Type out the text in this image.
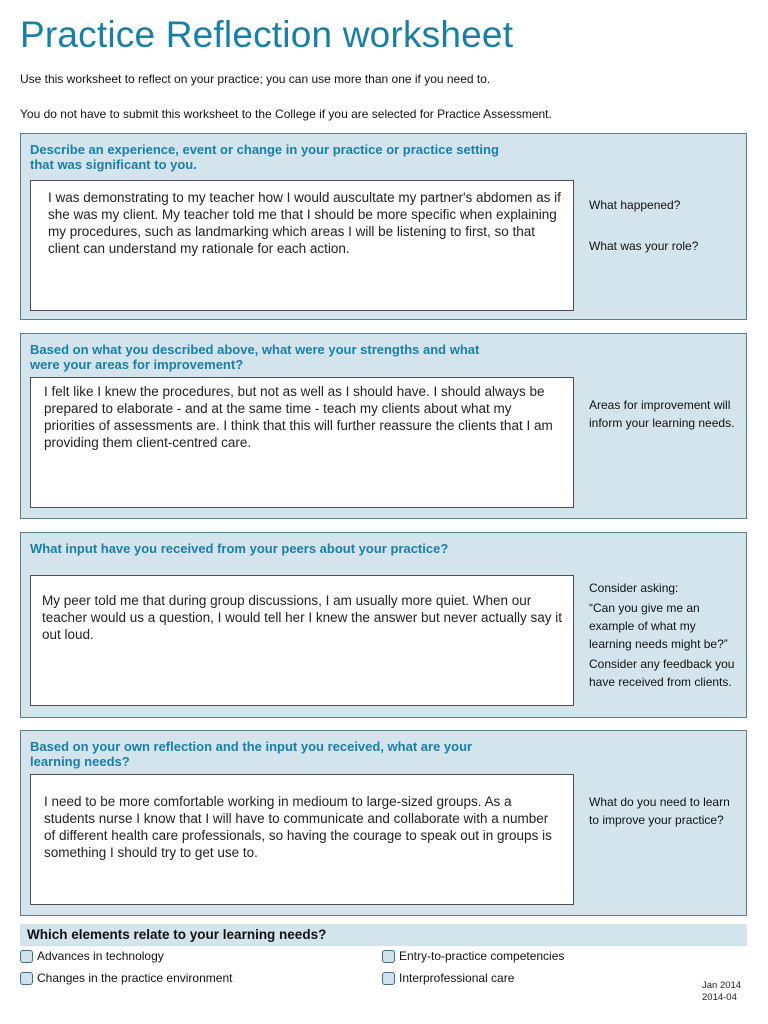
Practice Reflection worksheet

Use this worksheet to reflect on your practice; you can use more than one if you need to.

You do not have to submit this worksheet to the College if you are selected for Practice Assessment.

Describe an experience, event or change in your practice or practice setting that was significant to you.
I was demonstrating to my teacher how I would auscultate my partner's abdomen as if she was my client. My teacher told me that I should be more specific when explaining my procedures, such as landmarking which areas I will be listening to first, so that client can understand my rationale for each action.

What happened?

What was your role?

Based on what you described above, what were your strengths and what were your areas for improvement?
I felt like I knew the procedures, but not as well as I should have. I should always be prepared to elaborate - and at the same time - teach my clients about what my priorities of assessments are. I think that this will further reassure the clients that I am providing them client-centred care.

Areas for improvement will inform your learning needs.

What input have you received from your peers about your practice?
My peer told me that during group discussions, I am usually more quiet. When our teacher would us a question, I would tell her I knew the answer but never actually say it out loud.

Consider asking:

“Can you give me an example of what my learning needs might be?”

Consider any feedback you have received from clients.

Based on your own reflection and the input you received, what are your learning needs?
I need to be more comfortable working in medioum to large-sized groups. As a students nurse I know that I will have to communicate and collaborate with a number of different health care professionals, so having the courage to speak out in groups is something I should try to get use to.

What do you need to learn to improve your practice?

Which elements relate to your learning needs?
Advances in technology
Changes in the practice environment
Entry-to-practice competencies
Interprofessional care
Jan 2014
2014-04
